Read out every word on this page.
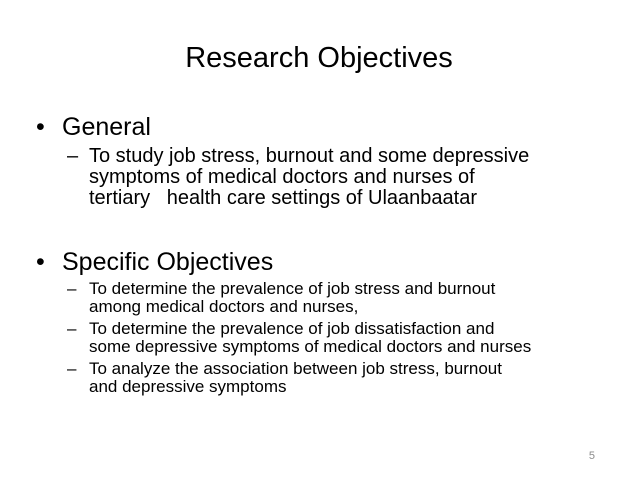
Research Objectives
• General
– To study job stress, burnout and some depressive
symptoms of medical doctors and nurses of
tertiary   health care settings of Ulaanbaatar
• Specific Objectives
– To determine the prevalence of job stress and burnout
among medical doctors and nurses,
– To determine the prevalence of job dissatisfaction and
some depressive symptoms of medical doctors and nurses
– To analyze the association between job stress, burnout
and depressive symptoms
5
